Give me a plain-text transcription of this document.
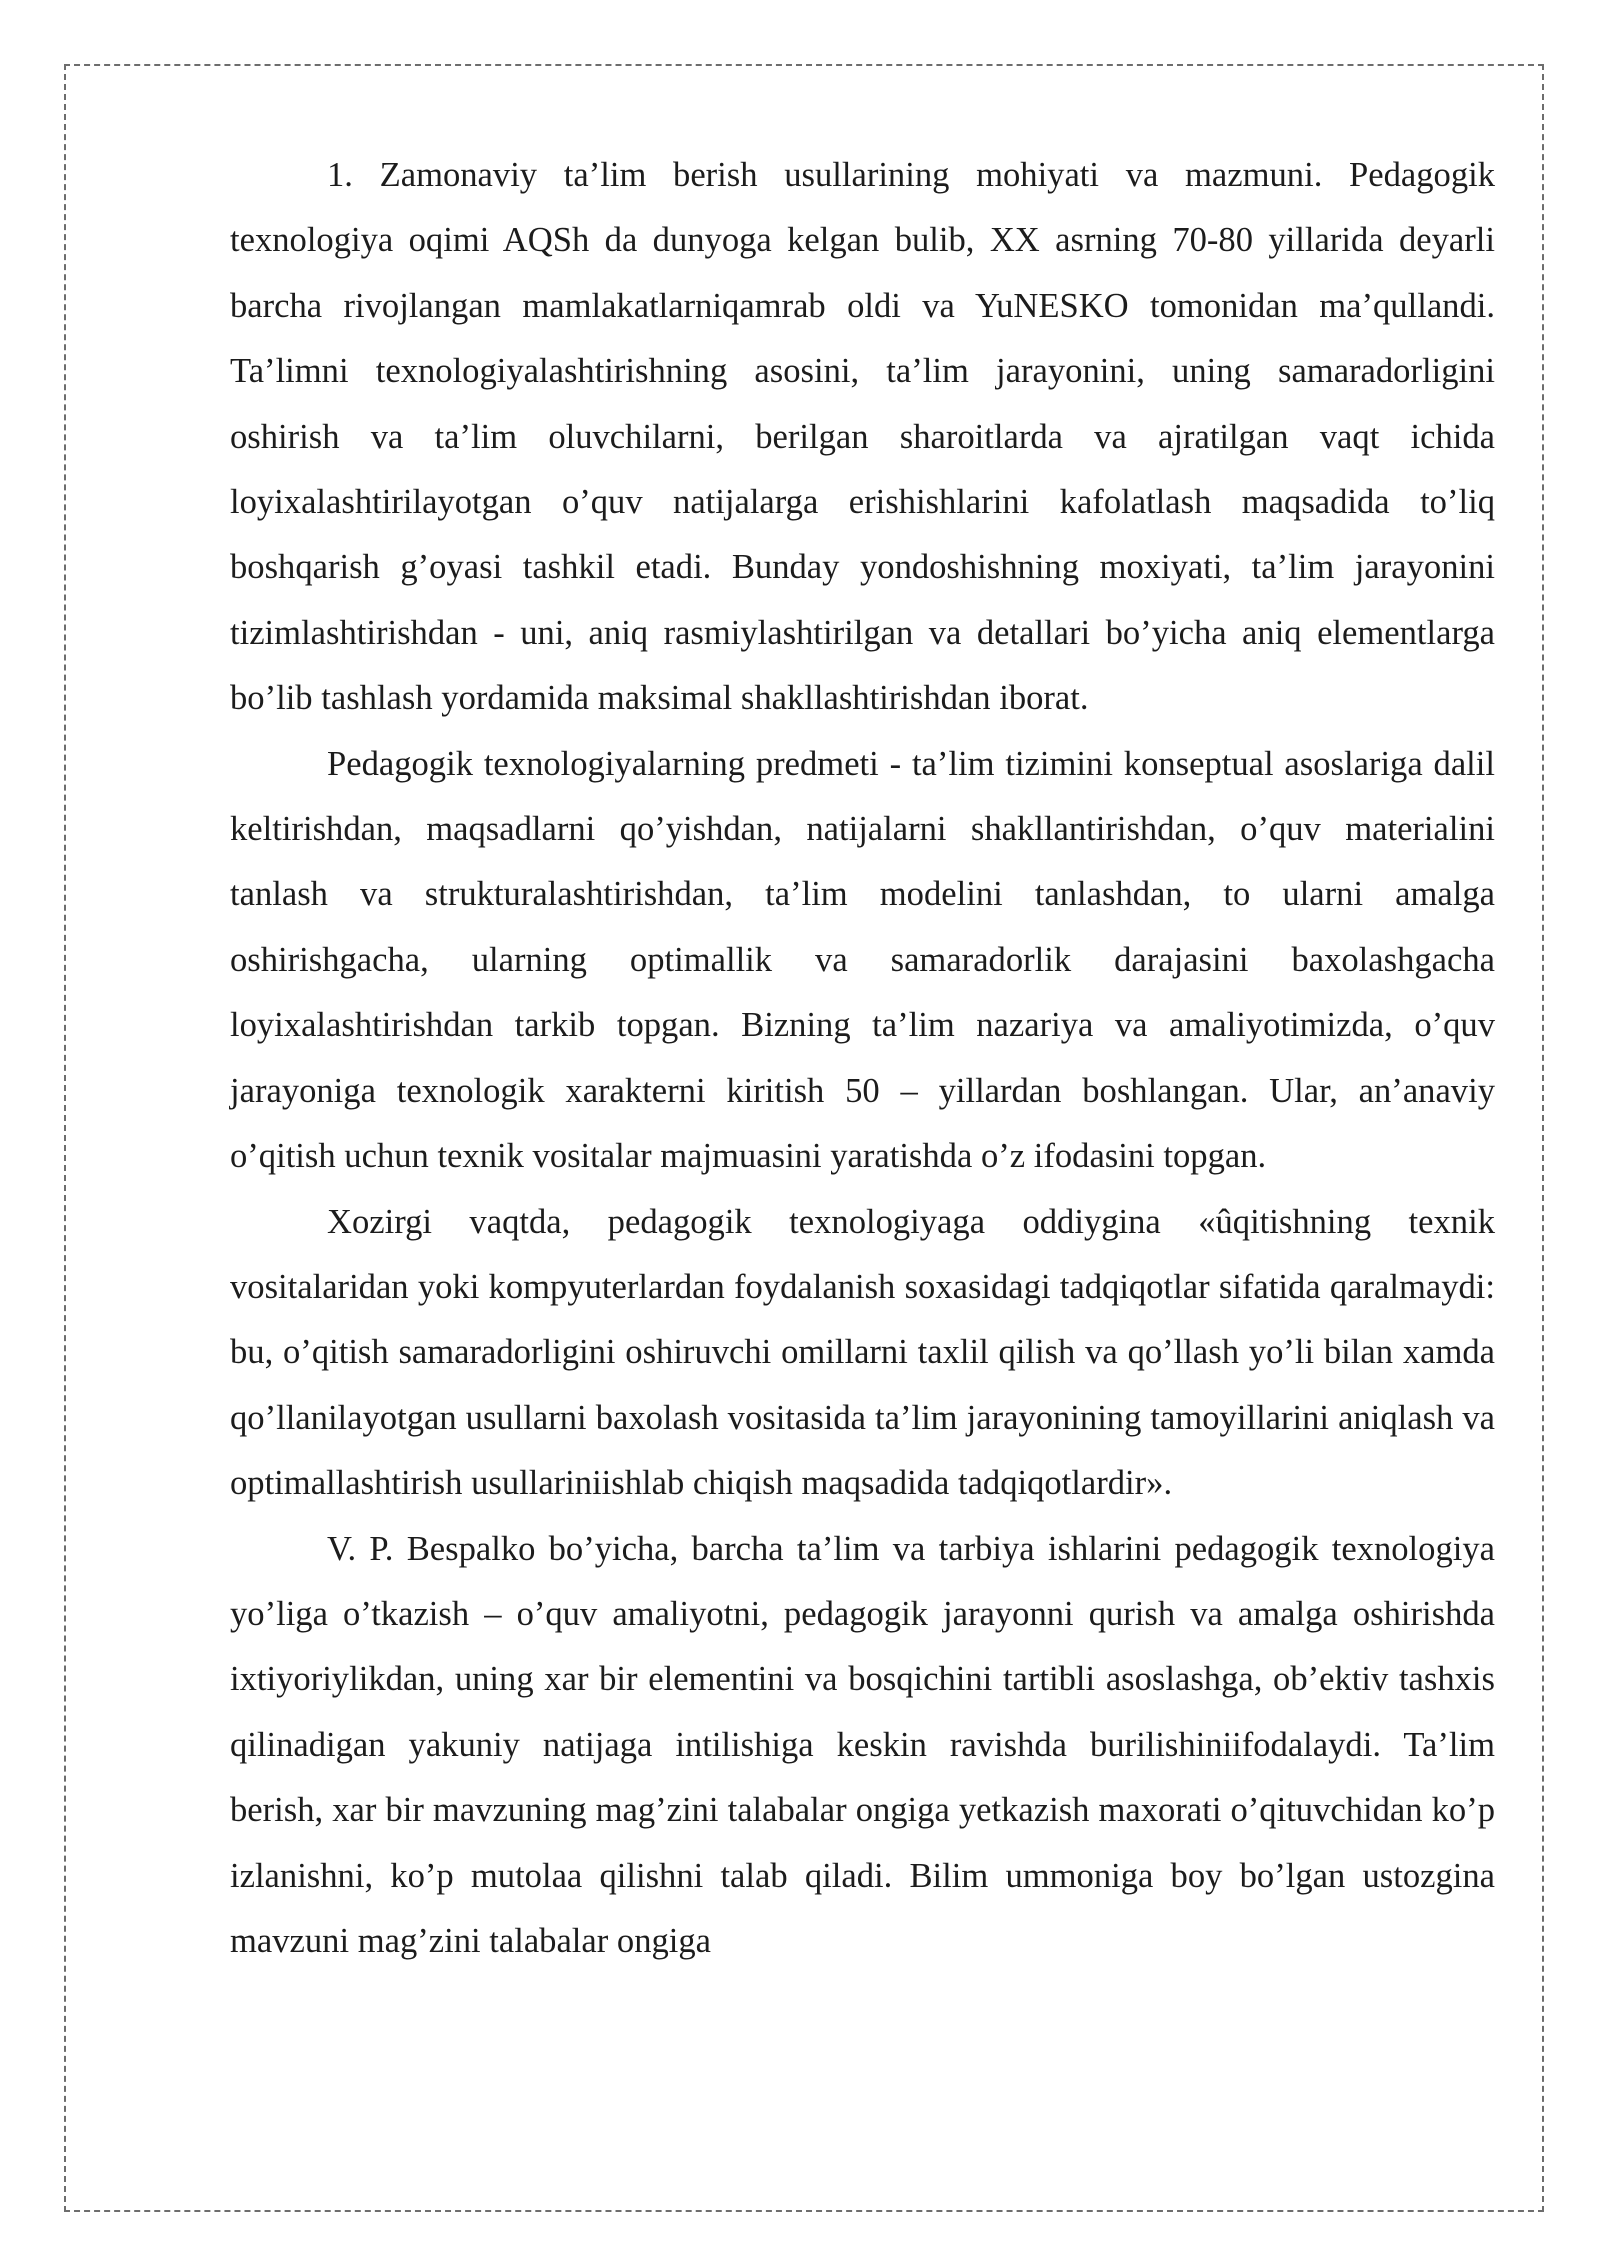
1. Zamonaviy ta’lim berish usullarining mohiyati va mazmuni. Pedagogik texnologiya oqimi AQSh da dunyoga kelgan bulib, XX asrning 70-80 yillarida deyarli barcha rivojlangan mamlakatlarniqamrab oldi va YuNESKO tomonidan ma’qullandi. Ta’limni texnologiyalashtirishning asosini, ta’lim jarayonini, uning samaradorligini oshirish va ta’lim oluvchilarni, berilgan sharoitlarda va ajratilgan vaqt ichida loyixalashtirilayotgan o’quv natijalarga erishishlarini kafolatlash maqsadida to’liq boshqarish g’oyasi tashkil etadi. Bunday yondoshishning moxiyati, ta’lim jarayonini tizimlashtirishdan - uni, aniq rasmiylashtirilgan va detallari bo’yicha aniq elementlarga bo’lib tashlash yordamida maksimal shakllashtirishdan iborat.

Pedagogik texnologiyalarning predmeti - ta’lim tizimini konseptual asoslariga dalil keltirishdan, maqsadlarni qo’yishdan, natijalarni shakllantirishdan, o’quv materialini tanlash va strukturalashtirishdan, ta’lim modelini tanlashdan, to ularni amalga oshirishgacha, ularning optimallik va samaradorlik darajasini baxolashgacha loyixalashtirishdan tarkib topgan. Bizning ta’lim nazariya va amaliyotimizda, o’quv jarayoniga texnologik xarakterni kiritish 50 – yillardan boshlangan. Ular, an’anaviy o’qitish uchun texnik vositalar majmuasini yaratishda o’z ifodasini topgan.

Xozirgi vaqtda, pedagogik texnologiyaga oddiygina «ûqitishning texnik vositalaridan yoki kompyuterlardan foydalanish soxasidagi tadqiqotlar sifatida qaralmaydi: bu, o’qitish samaradorligini oshiruvchi omillarni taxlil qilish va qo’llash yo’li bilan xamda qo’llanilayotgan usullarni baxolash vositasida ta’lim jarayonining tamoyillarini aniqlash va optimallashtirish usullariniishlab chiqish maqsadida tadqiqotlardir».

V. P. Bespalko bo’yicha, barcha ta’lim va tarbiya ishlarini pedagogik texnologiya yo’liga o’tkazish – o’quv amaliyotni, pedagogik jarayonni qurish va amalga oshirishda ixtiyoriylikdan, uning xar bir elementini va bosqichini tartibli asoslashga, ob’ektiv tashxis qilinadigan yakuniy natijaga intilishiga keskin ravishda burilishiniifodalaydi. Ta’lim berish, xar bir mavzuning mag’zini talabalar ongiga yetkazish maxorati o’qituvchidan ko’p izlanishni, ko’p mutolaa qilishni talab qiladi. Bilim ummoniga boy bo’lgan ustozgina mavzuni mag’zini talabalar ongiga
